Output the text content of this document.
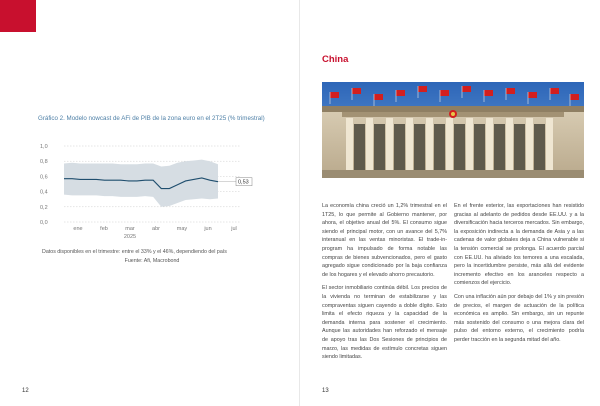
Gráfico 2. Modelo nowcast de AFi de PIB de la zona euro en el 2T25 (% trimestral)
1,0
0,8
0,6
0,4
0,2
0,0
0,53
ene	feb	mar	abr	may	jun	jul
2025
Datos disponibles en el trimestre: entre el 33% y el 46%, dependiendo del país
Fuente: Afi, Macrobond
12
China

La economía china creció un 1,2% trimestral en el 1T25, lo que permite al Gobierno mantener, por ahora, el objetivo anual del 5%. El consumo sigue siendo el principal motor, con un avance del 5,7% interanual en las ventas minoristas. El trade-in-program ha impulsado de forma notable las compras de bienes subvencionados, pero el gasto agregado sigue condicionado por la baja confianza de los hogares y el elevado ahorro precautorio.

El sector inmobiliario continúa débil. Los precios de la vivienda no terminan de estabilizarse y las compraventas siguen cayendo a doble dígito. Esto limita el efecto riqueza y la capacidad de la demanda interna para sostener el crecimiento. Aunque las autoridades han reforzado el mensaje de apoyo tras las Dos Sesiones de principios de marzo, las medidas de estímulo concretas siguen siendo limitadas.

En el frente exterior, las exportaciones han resistido gracias al adelanto de pedidos desde EE.UU. y a la diversificación hacia terceros mercados. Sin embargo, la exposición indirecta a la demanda de Asia y a las cadenas de valor globales deja a China vulnerable si la tensión comercial se prolonga. El acuerdo parcial con EE.UU. ha aliviado los temores a una escalada, pero la incertidumbre persiste, más allá del evidente incremento efectivo en los aranceles respecto a comienzos del ejercicio.

Con una inflación aún por debajo del 1% y sin presión de precios, el margen de actuación de la política económica es amplio. Sin embargo, sin un repunte más sostenido del consumo o una mejora clara del pulso del entorno externo, el crecimiento podría perder tracción en la segunda mitad del año.

13
